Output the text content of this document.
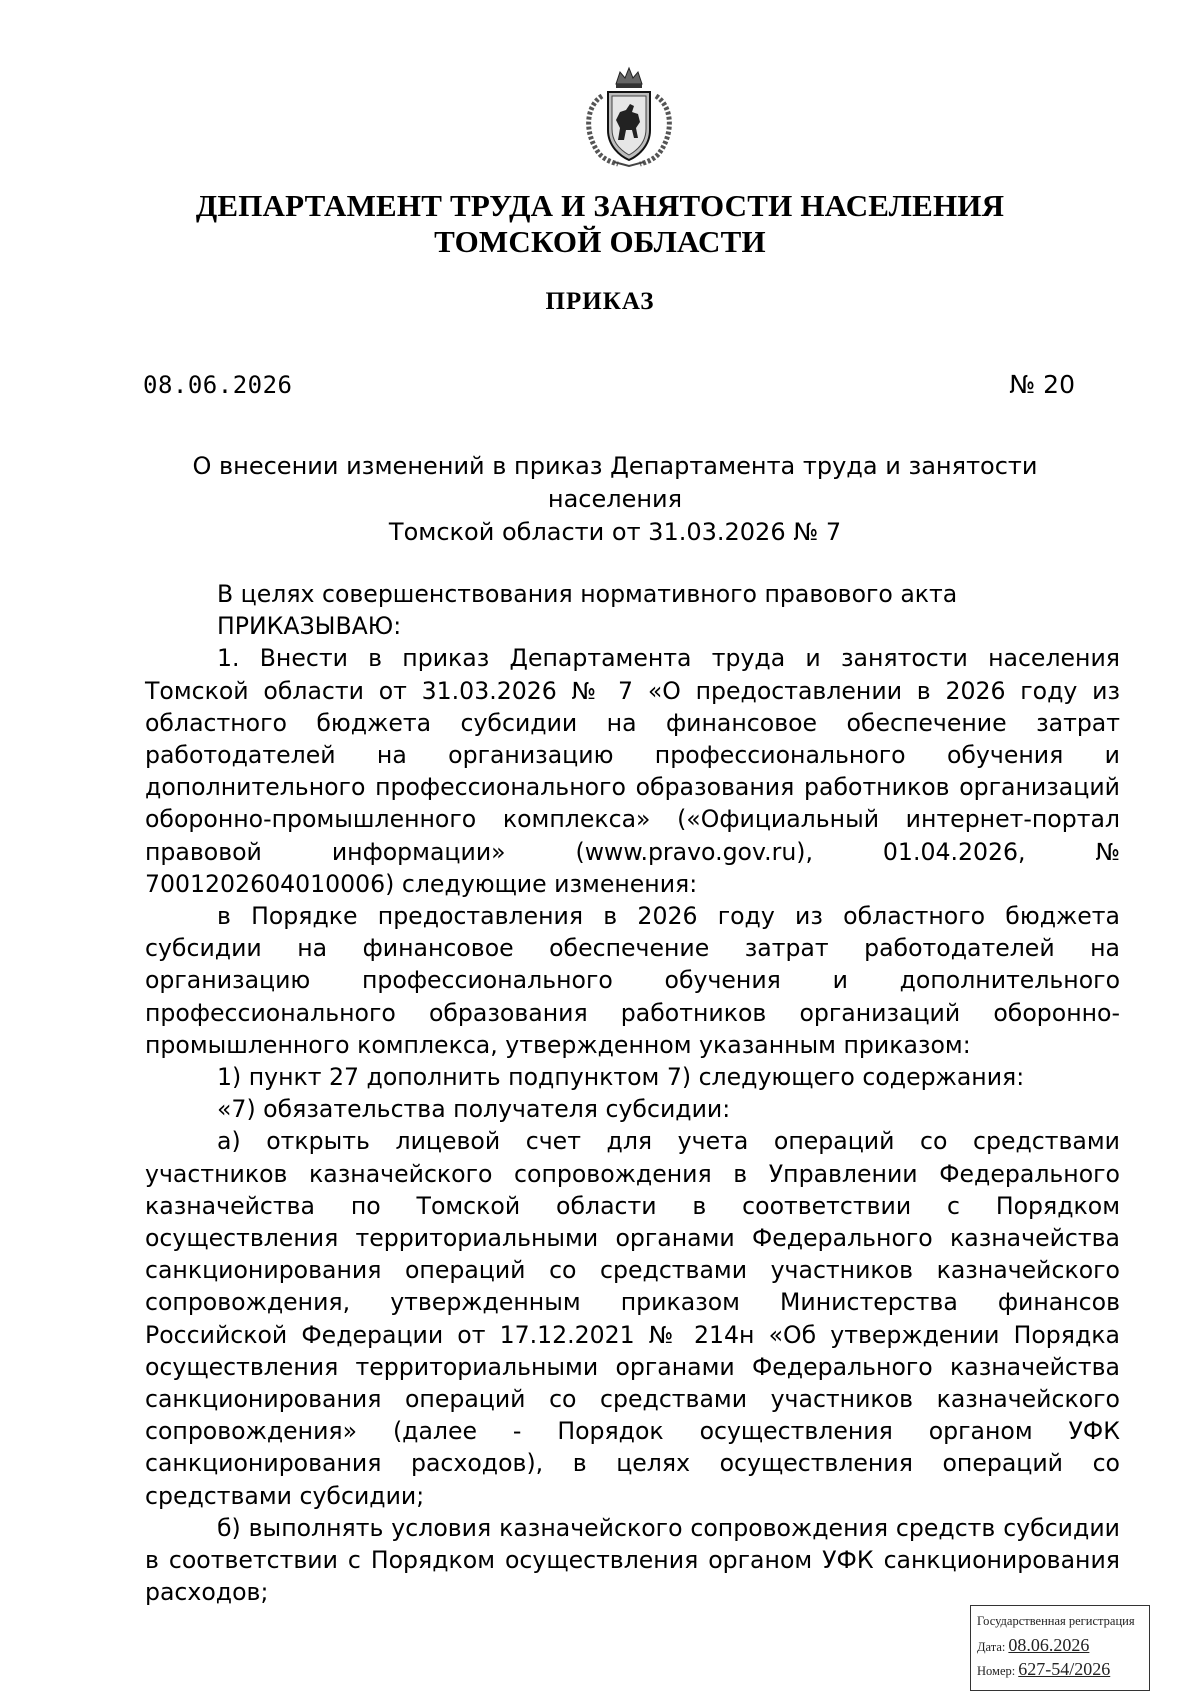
ДЕПАРТАМЕНТ ТРУДА И ЗАНЯТОСТИ НАСЕЛЕНИЯ
ТОМСКОЙ ОБЛАСТИ
ПРИКАЗ
08.06.2026	№ 20
О внесении изменений в приказ Департамента труда и занятости населения
Томской области от 31.03.2026 № 7

В целях совершенствования нормативного правового акта

ПРИКАЗЫВАЮ:

1. Внести в приказ Департамента труда и занятости населения Томской области от 31.03.2026 № 7 «О предоставлении в 2026 году из областного бюджета субсидии на финансовое обеспечение затрат работодателей на организацию профессионального обучения и дополнительного профессионального образования работников организаций оборонно-промышленного комплекса» («Официальный интернет-портал правовой информации» (www.pravo.gov.ru), 01.04.2026, № 7001202604010006) следующие изменения:

в Порядке предоставления в 2026 году из областного бюджета субсидии на финансовое обеспечение затрат работодателей на организацию профессионального обучения и дополнительного профессионального образования работников организаций оборонно-промышленного комплекса, утвержденном указанным приказом:

1) пункт 27 дополнить подпунктом 7) следующего содержания:

«7) обязательства получателя субсидии:

а) открыть лицевой счет для учета операций со средствами участников казначейского сопровождения в Управлении Федерального казначейства по Томской области в соответствии с Порядком осуществления территориальными органами Федерального казначейства санкционирования операций со средствами участников казначейского сопровождения, утвержденным приказом Министерства финансов Российской Федерации от 17.12.2021 № 214н «Об утверждении Порядка осуществления территориальными органами Федерального казначейства санкционирования операций со средствами участников казначейского сопровождения» (далее - Порядок осуществления органом УФК санкционирования расходов), в целях осуществления операций со средствами субсидии;

б) выполнять условия казначейского сопровождения средств субсидии в соответствии с Порядком осуществления органом УФК санкционирования расходов;

Государственная регистрация
Дата: 08.06.2026
Номер: 627-54/2026
